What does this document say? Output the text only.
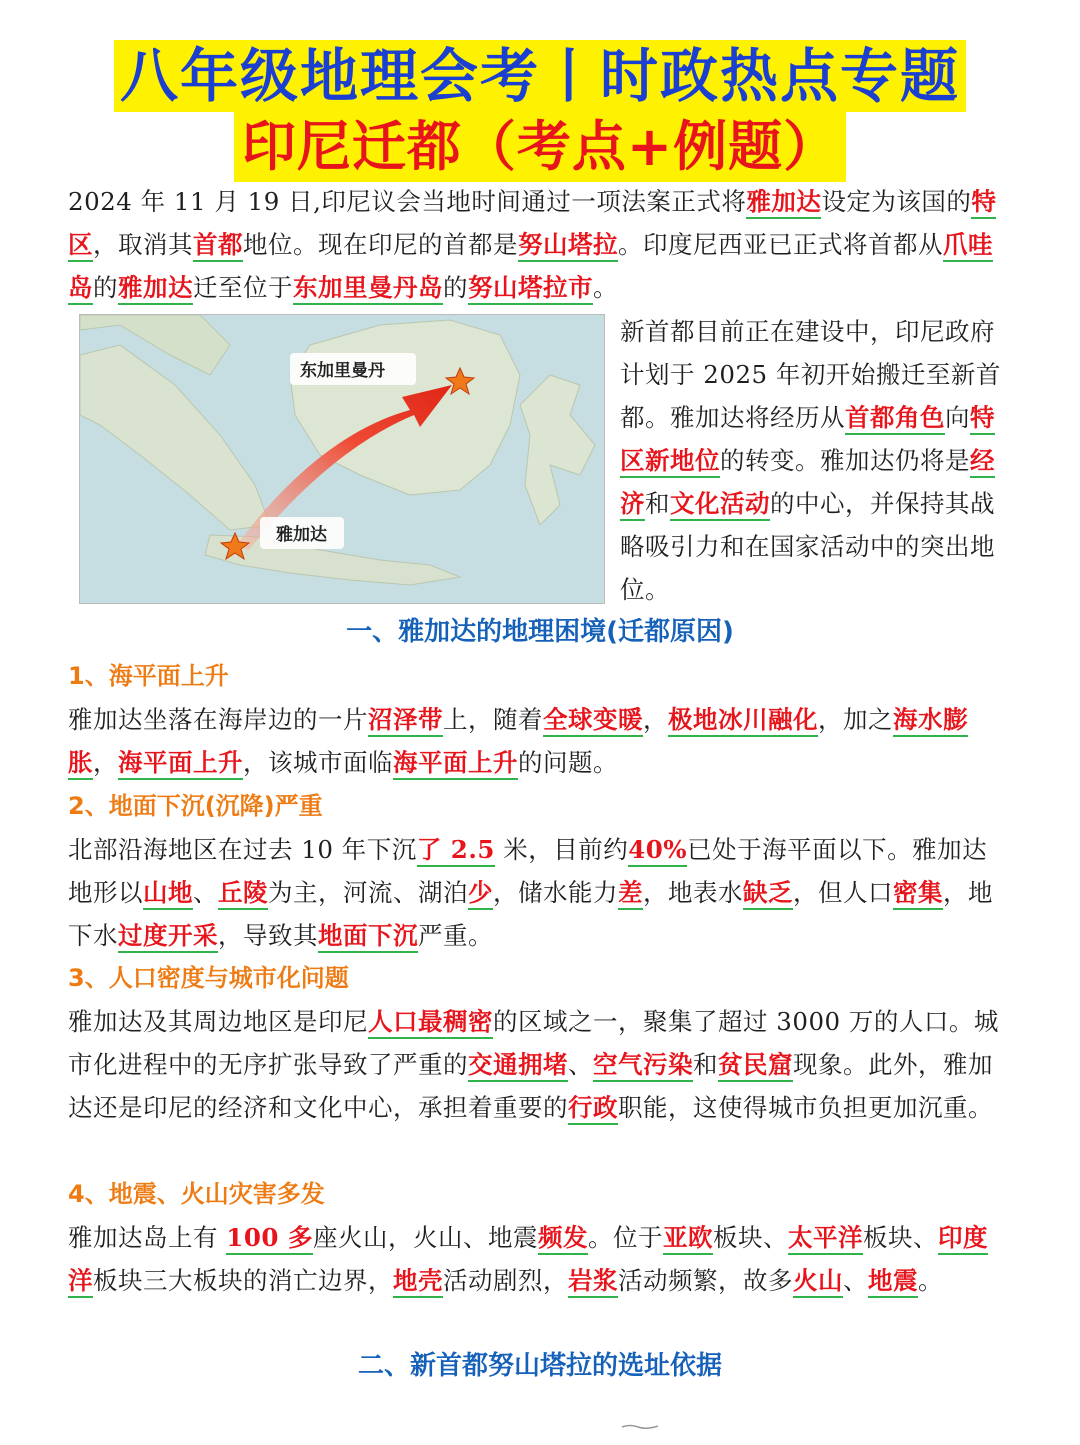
八年级地理会考丨时政热点专题
印尼迁都（考点+例题）

2024 年 11 月 19 日,印尼议会当地时间通过一项法案正式将雅加达设定为该国的特区，取消其首都地位。现在印尼的首都是努山塔拉。印度尼西亚已正式将首都从爪哇岛的雅加达迁至位于东加里曼丹岛的努山塔拉市。

东加里曼丹
雅加达

新首都目前正在建设中，印尼政府计划于 2025 年初开始搬迁至新首都。雅加达将经历从首都角色向特区新地位的转变。雅加达仍将是经济和文化活动的中心，并保持其战略吸引力和在国家活动中的突出地位。

一、雅加达的地理困境(迁都原因)
1、海平面上升

雅加达坐落在海岸边的一片沼泽带上，随着全球变暖，极地冰川融化，加之海水膨胀，海平面上升，该城市面临海平面上升的问题。

2、地面下沉(沉降)严重

北部沿海地区在过去 10 年下沉了 2.5 米，目前约40%已处于海平面以下。雅加达地形以山地、丘陵为主，河流、湖泊少，储水能力差，地表水缺乏，但人口密集，地下水过度开采，导致其地面下沉严重。

3、人口密度与城市化问题

雅加达及其周边地区是印尼人口最稠密的区域之一，聚集了超过 3000 万的人口。城市化进程中的无序扩张导致了严重的交通拥堵、空气污染和贫民窟现象。此外，雅加达还是印尼的经济和文化中心，承担着重要的行政职能，这使得城市负担更加沉重。

4、地震、火山灾害多发

雅加达岛上有 100 多座火山，火山、地震频发。位于亚欧板块、太平洋板块、印度洋板块三大板块的消亡边界，地壳活动剧烈，岩浆活动频繁，故多火山、地震。

二、新首都努山塔拉的选址依据
